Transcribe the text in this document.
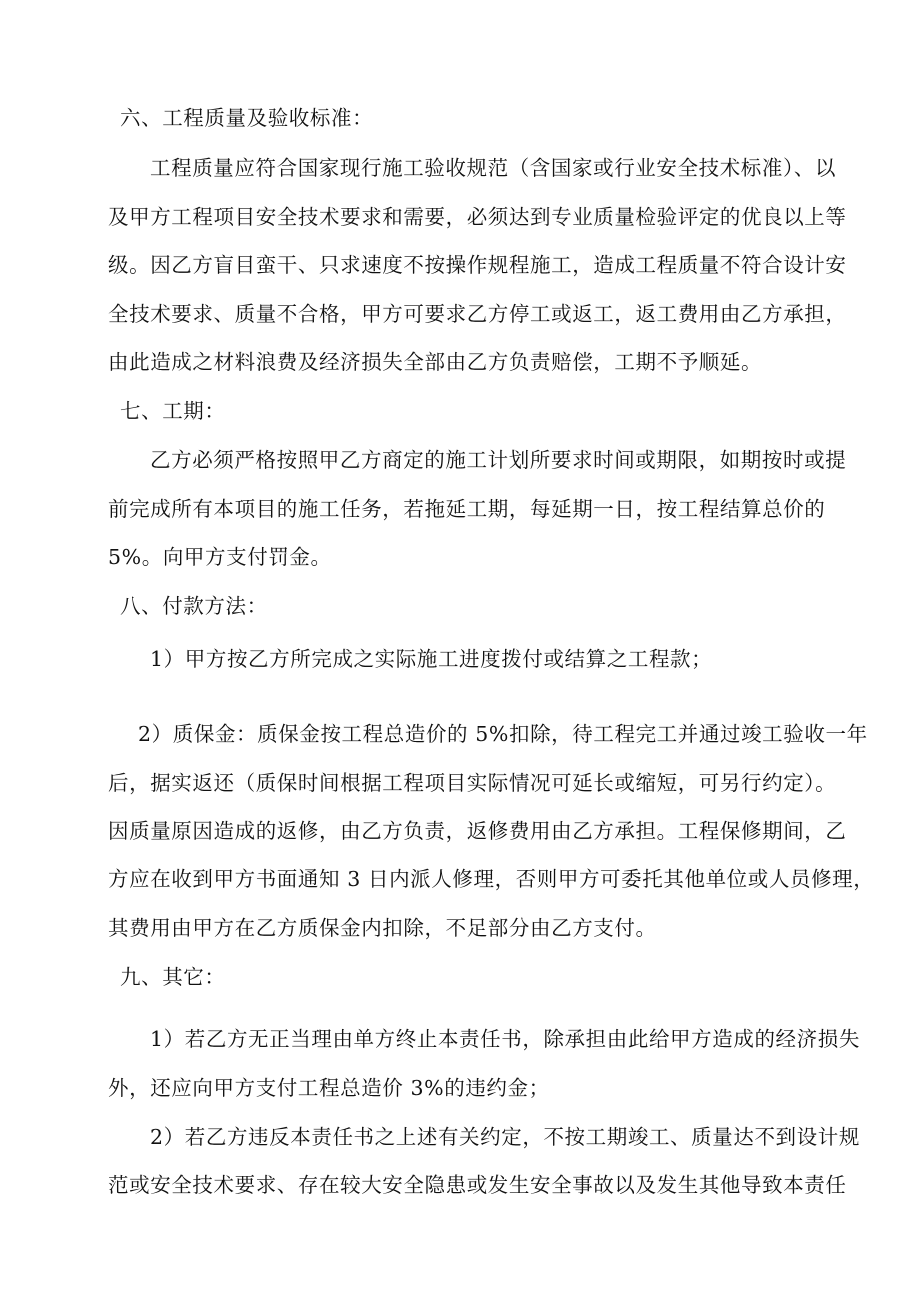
六、工程质量及验收标准：
工程质量应符合国家现行施工验收规范（含国家或行业安全技术标准）、以
及甲方工程项目安全技术要求和需要，必须达到专业质量检验评定的优良以上等
级。因乙方盲目蛮干、只求速度不按操作规程施工，造成工程质量不符合设计安
全技术要求、质量不合格，甲方可要求乙方停工或返工，返工费用由乙方承担，
由此造成之材料浪费及经济损失全部由乙方负责赔偿，工期不予顺延。
七、工期：
乙方必须严格按照甲乙方商定的施工计划所要求时间或期限，如期按时或提
前完成所有本项目的施工任务，若拖延工期，每延期一日，按工程结算总价的
5%。向甲方支付罚金。
八、付款方法：
1）甲方按乙方所完成之实际施工进度拨付或结算之工程款；
2）质保金：质保金按工程总造价的 5%扣除，待工程完工并通过竣工验收一年
后，据实返还（质保时间根据工程项目实际情况可延长或缩短，可另行约定）。
因质量原因造成的返修，由乙方负责，返修费用由乙方承担。工程保修期间，乙
方应在收到甲方书面通知 3 日内派人修理，否则甲方可委托其他单位或人员修理，
其费用由甲方在乙方质保金内扣除，不足部分由乙方支付。
九、其它：
1）若乙方无正当理由单方终止本责任书，除承担由此给甲方造成的经济损失
外，还应向甲方支付工程总造价 3%的违约金；
2）若乙方违反本责任书之上述有关约定，不按工期竣工、质量达不到设计规
范或安全技术要求、存在较大安全隐患或发生安全事故以及发生其他导致本责任
